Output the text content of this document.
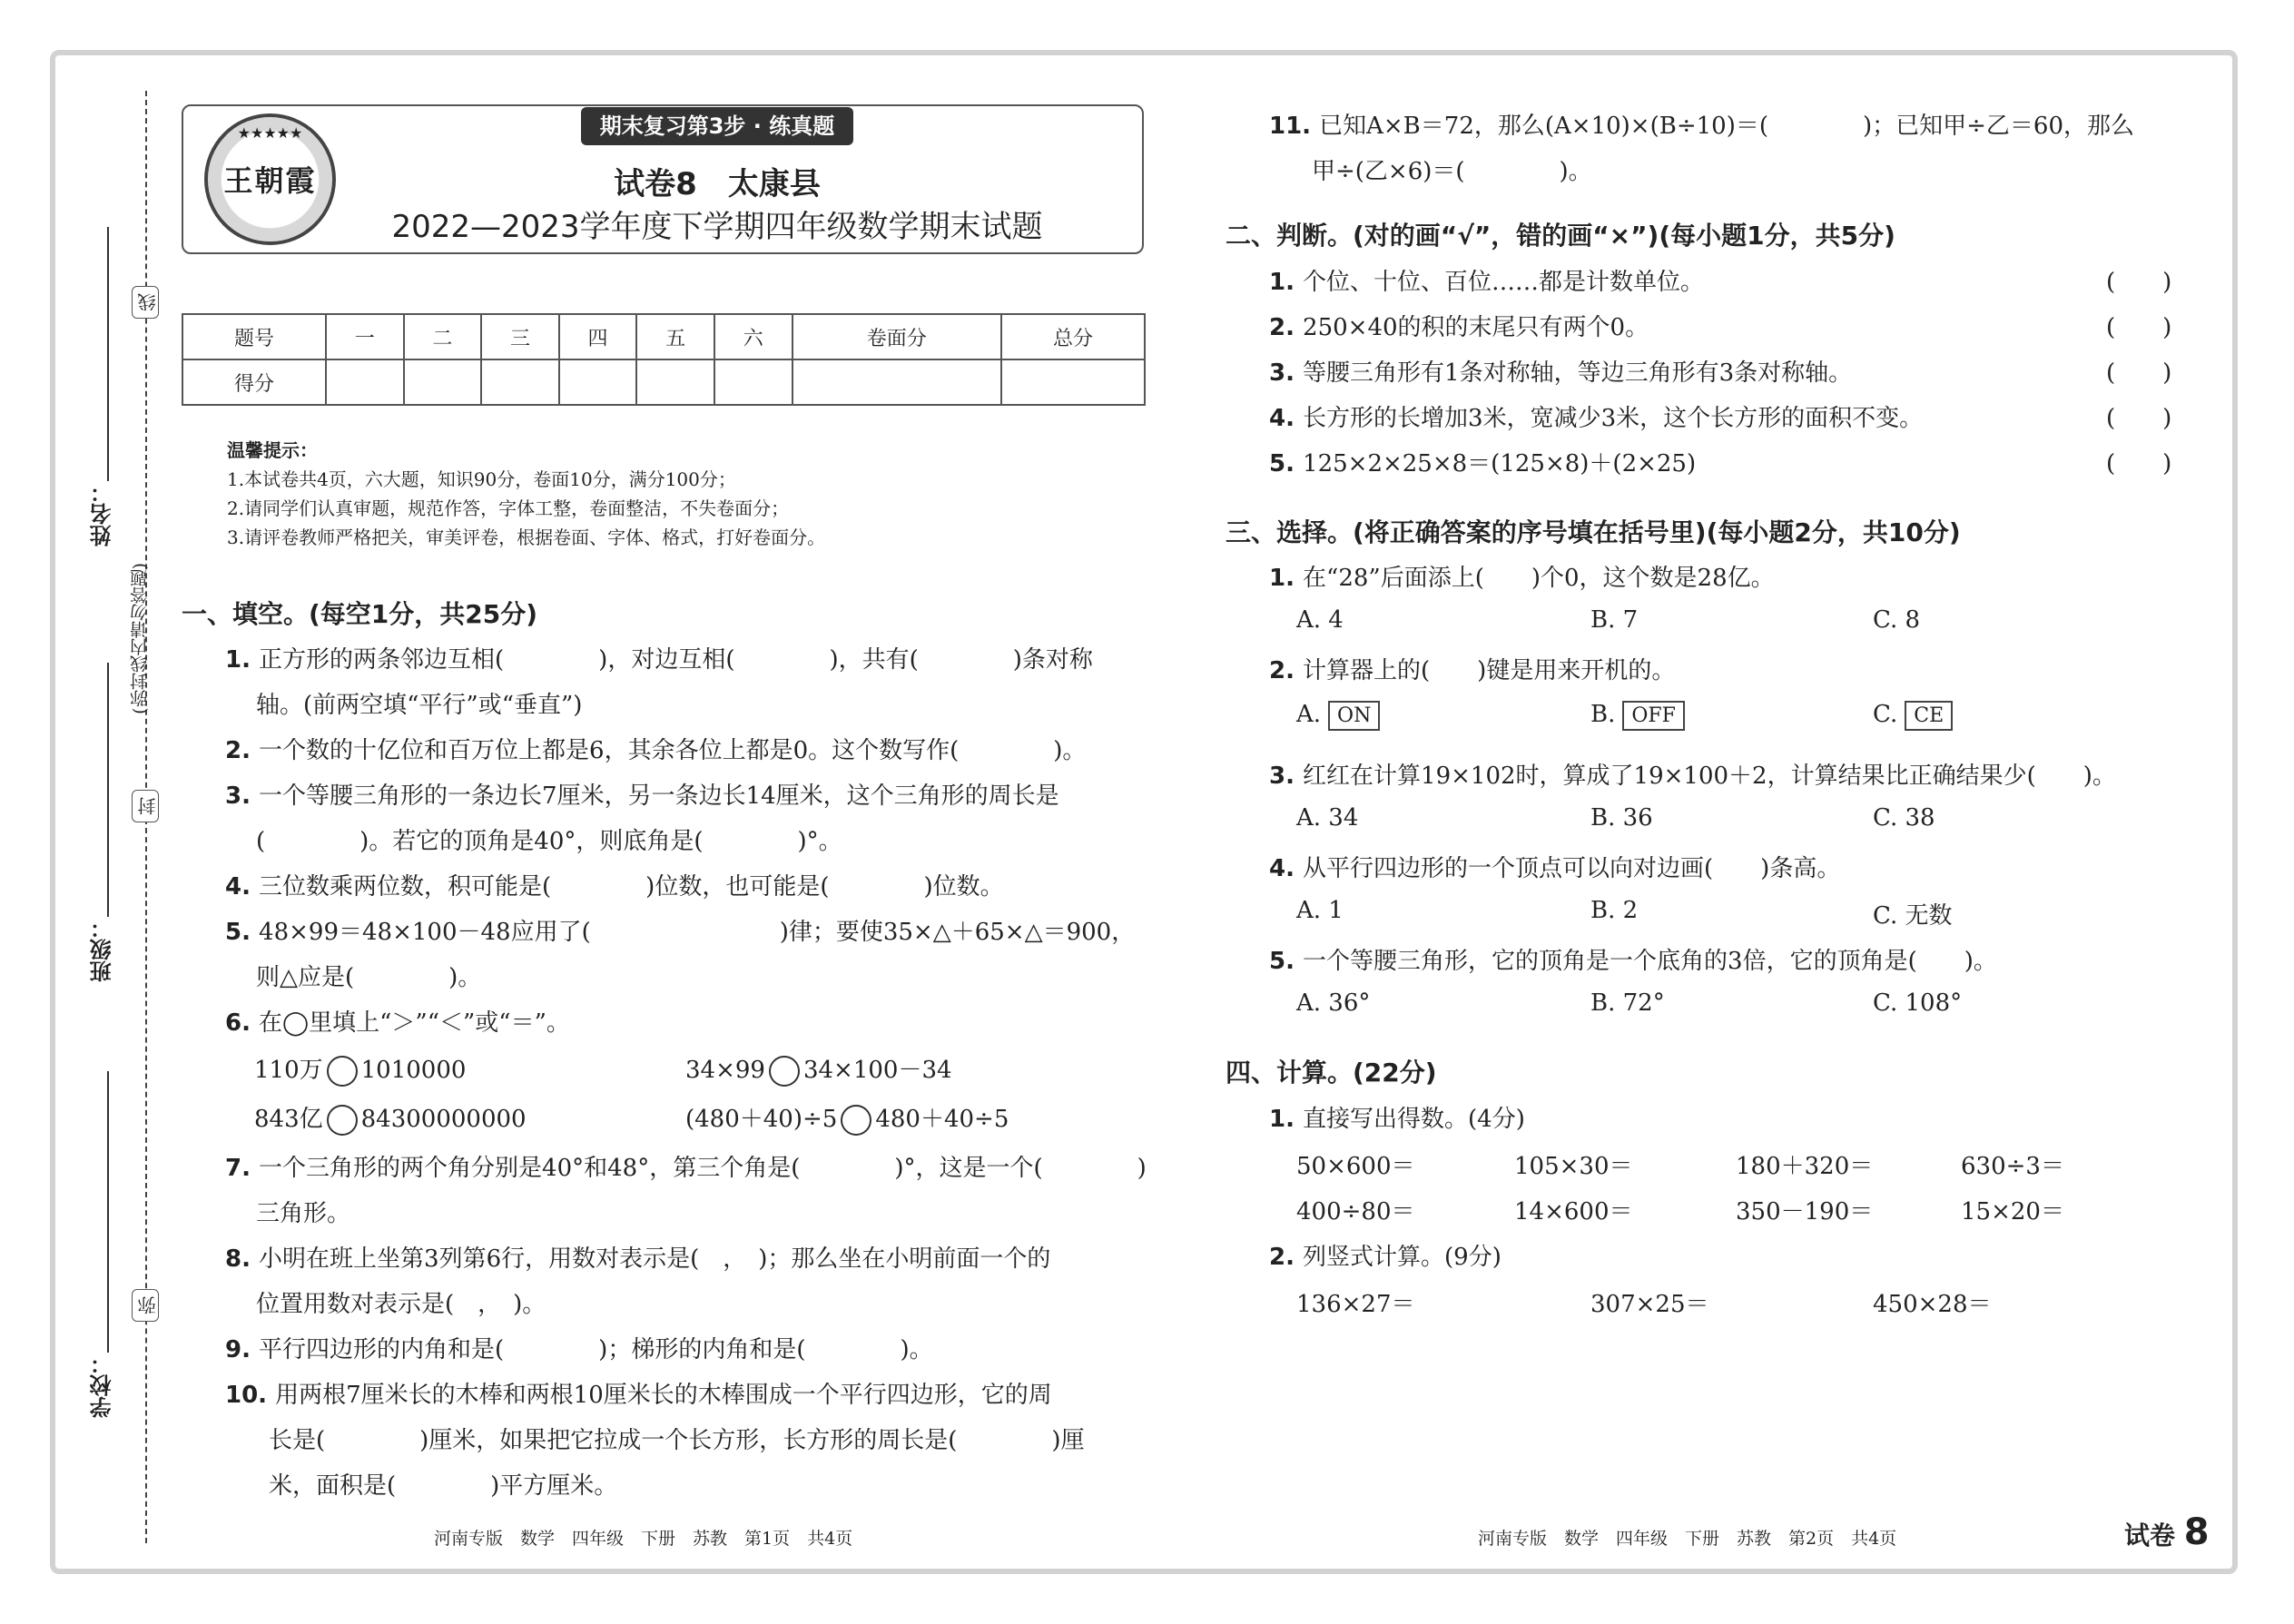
线
封
弥
(弥封线内请勿答题)
姓名：
班级：
学校：
★★★★★
王朝霞
期末复习第3步 · 练真题
试卷8　太康县
2022—2023学年度下学期四年级数学期末试题
题号	一	二	三	四	五	六	卷面分	总分
得分								
温馨提示：
1.本试卷共4页，六大题，知识90分，卷面10分，满分100分；
2.请同学们认真审题，规范作答，字体工整，卷面整洁，不失卷面分；
3.请评卷教师严格把关，审美评卷，根据卷面、字体、格式，打好卷面分。
一、填空。(每空1分，共25分)
1. 正方形的两条邻边互相(　　　　)，对边互相(　　　　)，共有(　　　　)条对称
轴。(前两空填“平行”或“垂直”)
2. 一个数的十亿位和百万位上都是6，其余各位上都是0。这个数写作(　　　　)。
3. 一个等腰三角形的一条边长7厘米，另一条边长14厘米，这个三角形的周长是
(　　　　)。若它的顶角是40°，则底角是(　　　　)°。
4. 三位数乘两位数，积可能是(　　　　)位数，也可能是(　　　　)位数。
5. 48×99＝48×100－48应用了(　　　　　　　　)律；要使35×△＋65×△＝900，
则△应是(　　　　)。
6. 在◯里填上“＞”“＜”或“＝”。
110万 1010000	34×99 34×100－34
843亿 84300000000	(480＋40)÷5 480＋40÷5
7. 一个三角形的两个角分别是40°和48°，第三个角是(　　　　)°，这是一个(　　　　)
三角形。
8. 小明在班上坐第3列第6行，用数对表示是(　，　)；那么坐在小明前面一个的
位置用数对表示是(　，　)。
9. 平行四边形的内角和是(　　　　)；梯形的内角和是(　　　　)。
10. 用两根7厘米长的木棒和两根10厘米长的木棒围成一个平行四边形，它的周
长是(　　　　)厘米，如果把它拉成一个长方形，长方形的周长是(　　　　)厘
米，面积是(　　　　)平方厘米。
11. 已知A×B＝72，那么(A×10)×(B÷10)＝(　　　　)；已知甲÷乙＝60，那么
甲÷(乙×6)＝(　　　　)。
二、判断。(对的画“√”，错的画“×”)(每小题1分，共5分)
1. 个位、十位、百位……都是计数单位。	(　　)
2. 250×40的积的末尾只有两个0。	(　　)
3. 等腰三角形有1条对称轴，等边三角形有3条对称轴。	(　　)
4. 长方形的长增加3米，宽减少3米，这个长方形的面积不变。	(　　)
5. 125×2×25×8＝(125×8)＋(2×25)	(　　)
三、选择。(将正确答案的序号填在括号里)(每小题2分，共10分)
1. 在“28”后面添上(　　)个0，这个数是28亿。
A. 4	B. 7	C. 8
2. 计算器上的(　　)键是用来开机的。
A. ON	B. OFF	C. CE
3. 红红在计算19×102时，算成了19×100＋2，计算结果比正确结果少(　　)。
A. 34	B. 36	C. 38
4. 从平行四边形的一个顶点可以向对边画(　　)条高。
A. 1	B. 2	C. 无数
5. 一个等腰三角形，它的顶角是一个底角的3倍，它的顶角是(　　)。
A. 36°	B. 72°	C. 108°
四、计算。(22分)
1. 直接写出得数。(4分)
50×600＝	105×30＝	180＋320＝	630÷3＝
400÷80＝	14×600＝	350－190＝	15×20＝
2. 列竖式计算。(9分)
136×27＝	307×25＝	450×28＝
河南专版　数学　四年级　下册　苏教　第1页　共4页	河南专版　数学　四年级　下册　苏教　第2页　共4页	试卷 8
